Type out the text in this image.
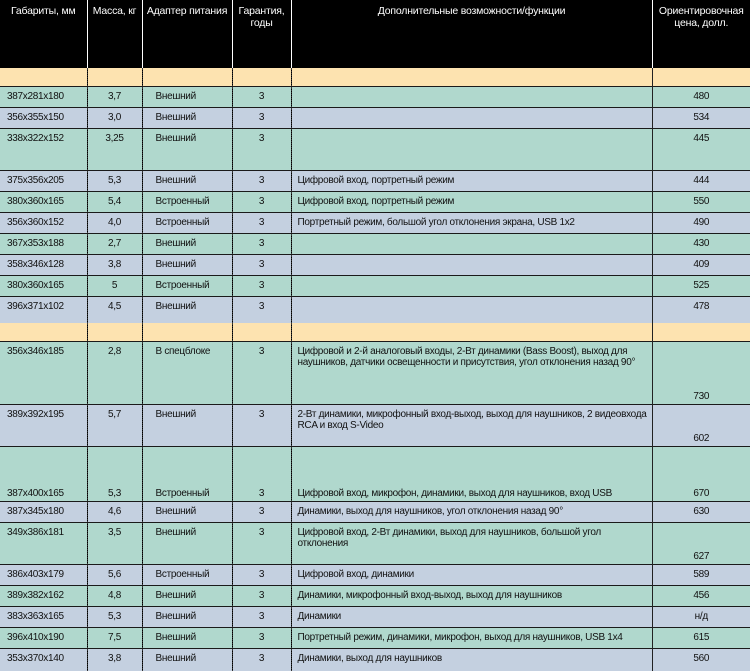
Габариты, мм	Масса, кг	Адаптер питания	Гарантия, годы	Дополнительные возможности/функции	Ориентировочная цена, долл.

387x281x180	3,7	Внешний	3		480
356x355x150	3,0	Внешний	3		534
338x322x152	3,25	Внешний	3		445
375x356x205	5,3	Внешний	3	Цифровой вход, портретный режим	444
380x360x165	5,4	Встроенный	3	Цифровой вход, портретный режим	550
356x360x152	4,0	Встроенный	3	Портретный режим, большой угол отклонения экрана, USB 1x2	490
367x353x188	2,7	Внешний	3		430
358x346x128	3,8	Внешний	3		409
380x360x165	5	Встроенный	3		525
396x371x102	4,5	Внешний	3		478

356x346x185	2,8	В спецблоке	3	Цифровой и 2-й аналоговый входы, 2-Вт динамики (Bass Boost), выход для наушников, датчики освещенности и присутствия, угол отклонения назад 90°	730
389x392x195	5,7	Внешний	3	2-Вт динамики, микрофонный вход-выход, выход для наушников, 2 видеовхода RCA и вход S-Video	602
387x400x165	5,3	Встроенный	3	Цифровой вход, микрофон, динамики, выход для наушников, вход USB	670
387x345x180	4,6	Внешний	3	Динамики, выход для наушников, угол отклонения назад 90°	630
349x386x181	3,5	Внешний	3	Цифровой вход, 2-Вт динамики, выход для наушников, большой угол отклонения	627
386x403x179	5,6	Встроенный	3	Цифровой вход, динамики	589
389x382x162	4,8	Внешний	3	Динамики, микрофонный вход-выход, выход для наушников	456
383x363x165	5,3	Внешний	3	Динамики	н/д
396x410x190	7,5	Внешний	3	Портретный режим, динамики, микрофон, выход для наушников, USB 1x4	615
353x370x140	3,8	Внешний	3	Динамики, выход для наушников	560
